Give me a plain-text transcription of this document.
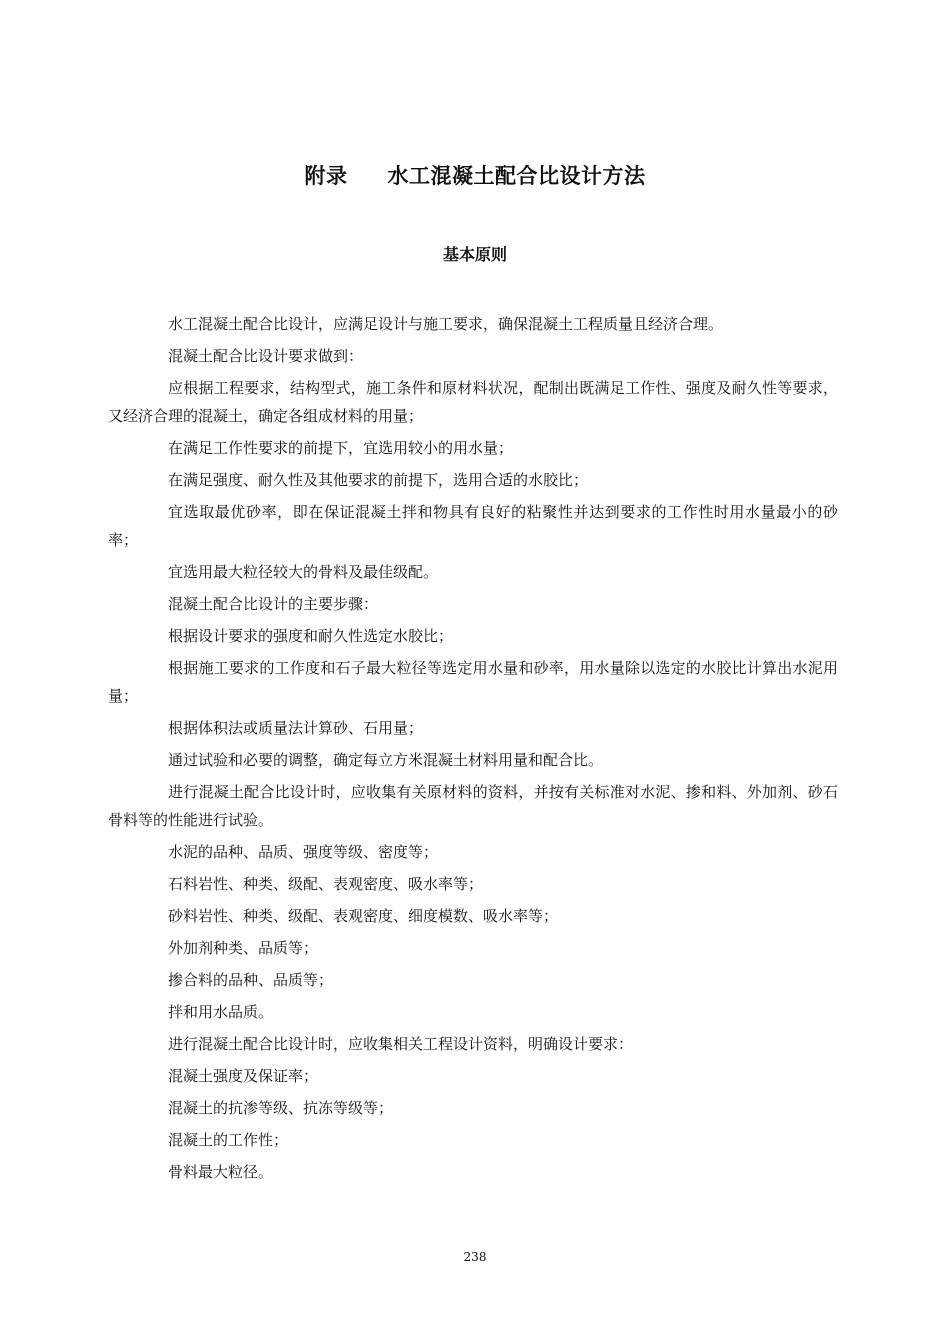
附录 水工混凝土配合比设计方法
基本原则

水工混凝土配合比设计，应满足设计与施工要求，确保混凝土工程质量且经济合理。

混凝土配合比设计要求做到：

应根据工程要求，结构型式，施工条件和原材料状况，配制出既满足工作性、强度及耐久性等要求，又经济合理的混凝土，确定各组成材料的用量；

在满足工作性要求的前提下，宜选用较小的用水量；

在满足强度、耐久性及其他要求的前提下，选用合适的水胶比；

宜选取最优砂率，即在保证混凝土拌和物具有良好的粘聚性并达到要求的工作性时用水量最小的砂率；

宜选用最大粒径较大的骨料及最佳级配。

混凝土配合比设计的主要步骤：

根据设计要求的强度和耐久性选定水胶比；

根据施工要求的工作度和石子最大粒径等选定用水量和砂率，用水量除以选定的水胶比计算出水泥用量；

根据体积法或质量法计算砂、石用量；

通过试验和必要的调整，确定每立方米混凝土材料用量和配合比。

进行混凝土配合比设计时，应收集有关原材料的资料，并按有关标准对水泥、掺和料、外加剂、砂石骨料等的性能进行试验。

水泥的品种、品质、强度等级、密度等；

石料岩性、种类、级配、表观密度、吸水率等；

砂料岩性、种类、级配、表观密度、细度模数、吸水率等；

外加剂种类、品质等；

掺合料的品种、品质等；

拌和用水品质。

进行混凝土配合比设计时，应收集相关工程设计资料，明确设计要求：

混凝土强度及保证率；

混凝土的抗渗等级、抗冻等级等；

混凝土的工作性；

骨料最大粒径。

238
